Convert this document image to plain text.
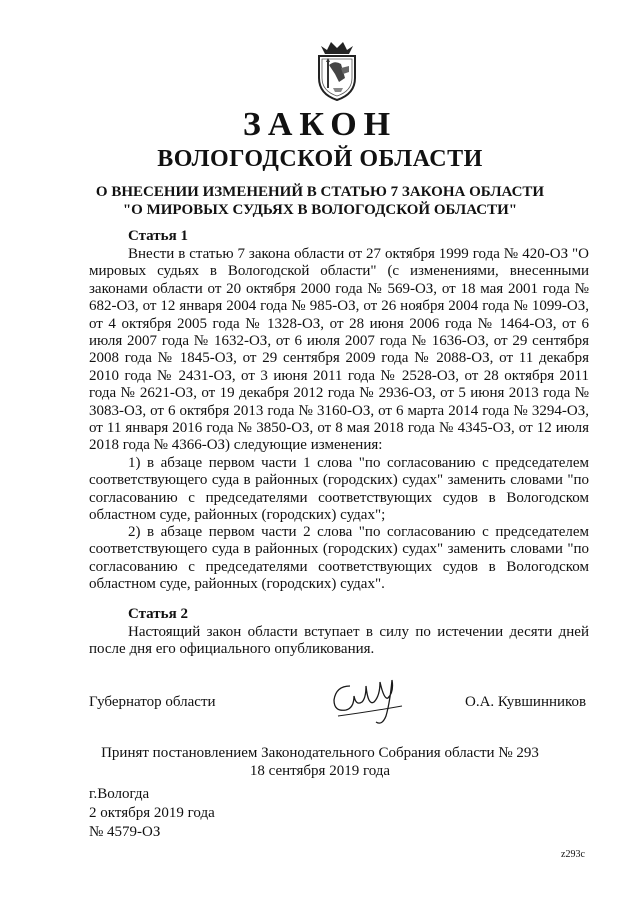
ЗАКОН
ВОЛОГОДСКОЙ ОБЛАСТИ
О ВНЕСЕНИИ ИЗМЕНЕНИЙ В СТАТЬЮ 7 ЗАКОНА ОБЛАСТИ
"О МИРОВЫХ СУДЬЯХ В ВОЛОГОДСКОЙ ОБЛАСТИ"

Статья 1

Внести в статью 7 закона области от 27 октября 1999 года № 420-ОЗ "О мировых судьях в Вологодской области" (с изменениями, внесенными законами области от 20 октября 2000 года № 569-ОЗ, от 18 мая 2001 года № 682-ОЗ, от 12 января 2004 года № 985-ОЗ, от 26 ноября 2004 года № 1099-ОЗ, от 4 октября 2005 года № 1328-ОЗ, от 28 июня 2006 года № 1464-ОЗ, от 6 июля 2007 года № 1632-ОЗ, от 6 июля 2007 года № 1636-ОЗ, от 29 сентября 2008 года № 1845-ОЗ, от 29 сентября 2009 года № 2088-ОЗ, от 11 декабря 2010 года № 2431-ОЗ, от 3 июня 2011 года № 2528-ОЗ, от 28 октября 2011 года № 2621-ОЗ, от 19 декабря 2012 года № 2936-ОЗ, от 5 июня 2013 года № 3083-ОЗ, от 6 октября 2013 года № 3160-ОЗ, от 6 марта 2014 года № 3294-ОЗ, от 11 января 2016 года № 3850-ОЗ, от 8 мая 2018 года № 4345-ОЗ, от 12 июля 2018 года № 4366-ОЗ) следующие изменения:

1) в абзаце первом части 1 слова "по согласованию с председателем соответствующего суда в районных (городских) судах" заменить словами "по согласованию с председателями соответствующих судов в Вологодском областном суде, районных (городских) судах";

2) в абзаце первом части 2 слова "по согласованию с председателем соответствующего суда в районных (городских) судах" заменить словами "по согласованию с председателями соответствующих судов в Вологодском областном суде, районных (городских) судах".

Статья 2

Настоящий закон области вступает в силу по истечении десяти дней после дня его официального опубликования.

Губернатор области	О.А. Кувшинников
Принят постановлением Законодательного Собрания области № 293
18 сентября 2019 года
г.Вологда
2 октября 2019 года
№ 4579-ОЗ
z293c
